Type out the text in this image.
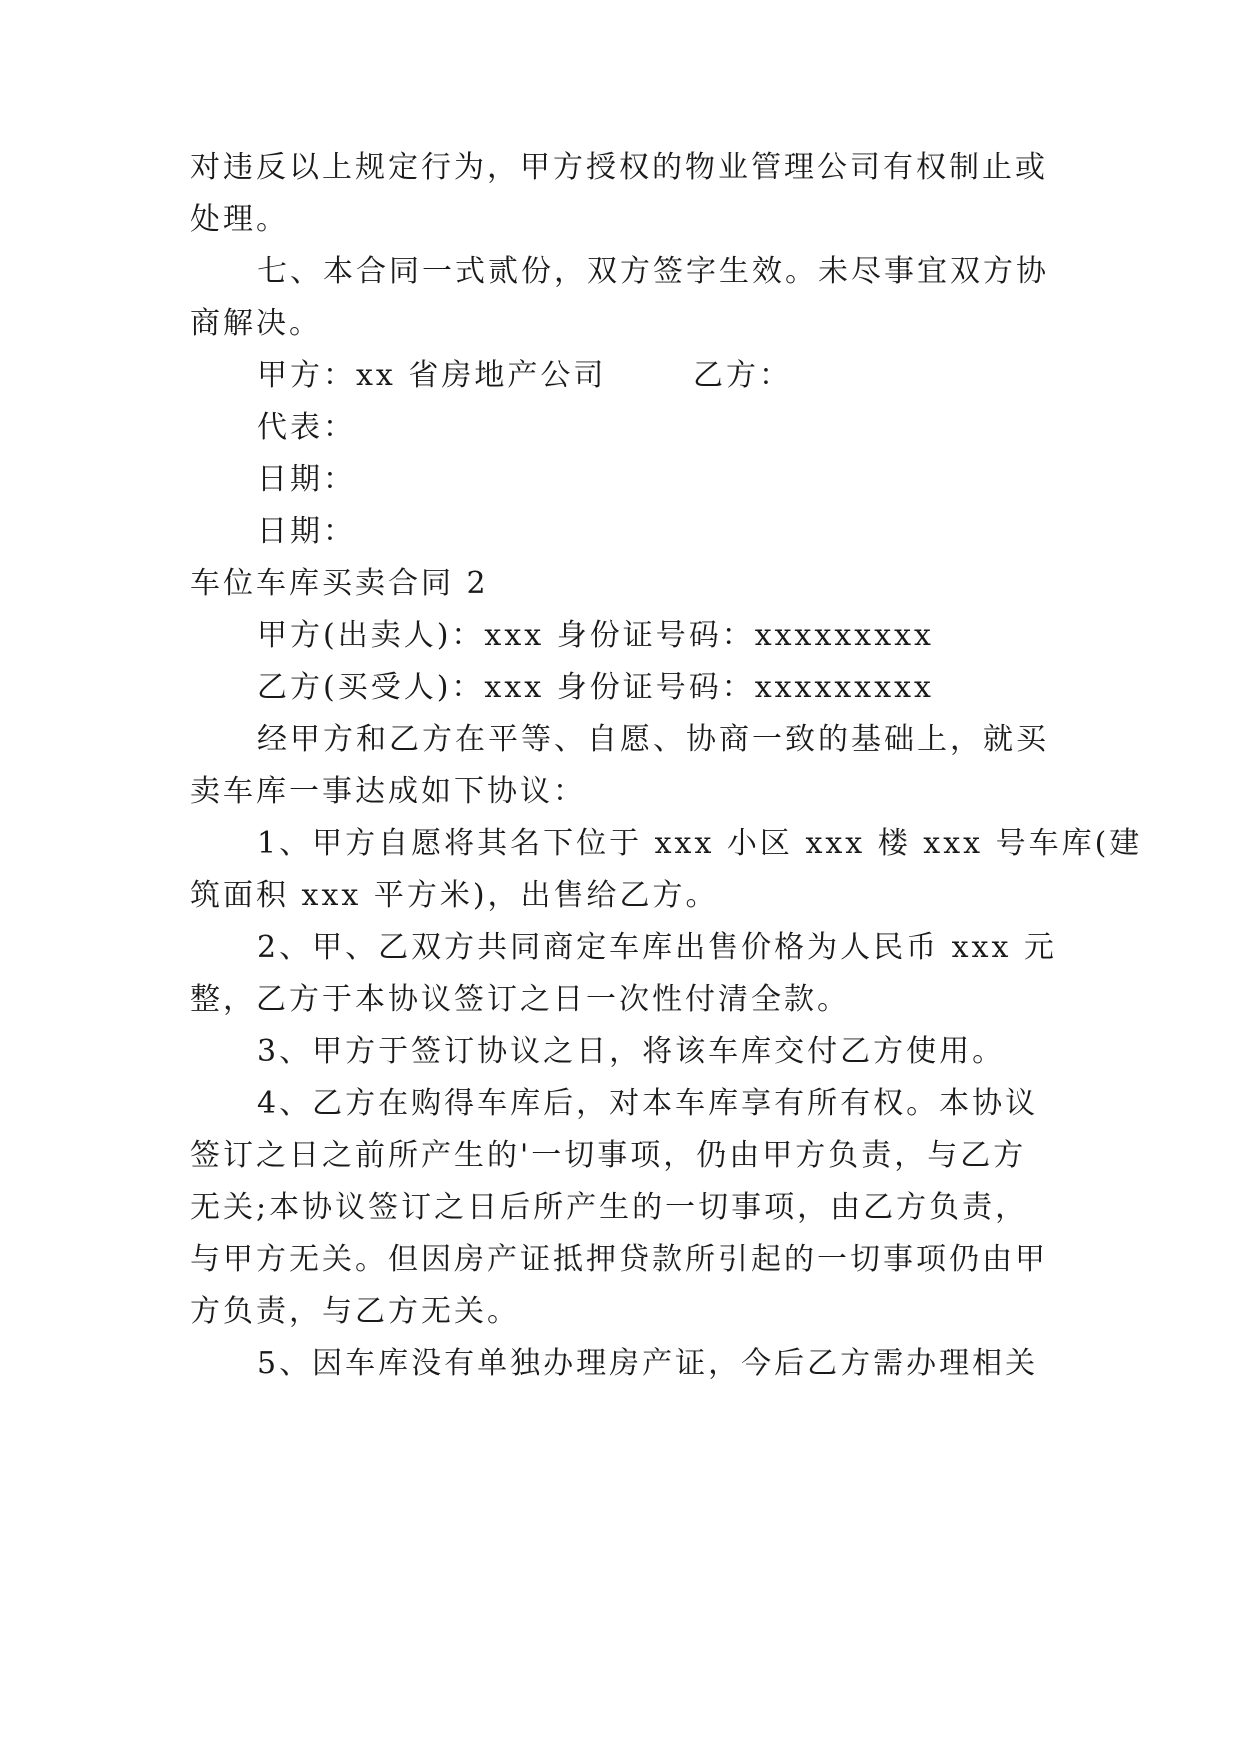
对违反以上规定行为，甲方授权的物业管理公司有权制止或
处理。
七、本合同一式贰份，双方签字生效。未尽事宜双方协
商解决。
甲方：xx 省房地产公司	乙方：
代表：
日期：
日期：
车位车库买卖合同 2
甲方(出卖人)：xxx 身份证号码：xxxxxxxxx
乙方(买受人)：xxx 身份证号码：xxxxxxxxx
经甲方和乙方在平等、自愿、协商一致的基础上，就买
卖车库一事达成如下协议：
1、甲方自愿将其名下位于 xxx 小区 xxx 楼 xxx 号车库(建
筑面积 xxx 平方米)，出售给乙方。
2、甲、乙双方共同商定车库出售价格为人民币 xxx 元
整，乙方于本协议签订之日一次性付清全款。
3、甲方于签订协议之日，将该车库交付乙方使用。
4、乙方在购得车库后，对本车库享有所有权。本协议
签订之日之前所产生的'一切事项，仍由甲方负责，与乙方
无关;本协议签订之日后所产生的一切事项，由乙方负责，
与甲方无关。但因房产证抵押贷款所引起的一切事项仍由甲
方负责，与乙方无关。
5、因车库没有单独办理房产证，今后乙方需办理相关
